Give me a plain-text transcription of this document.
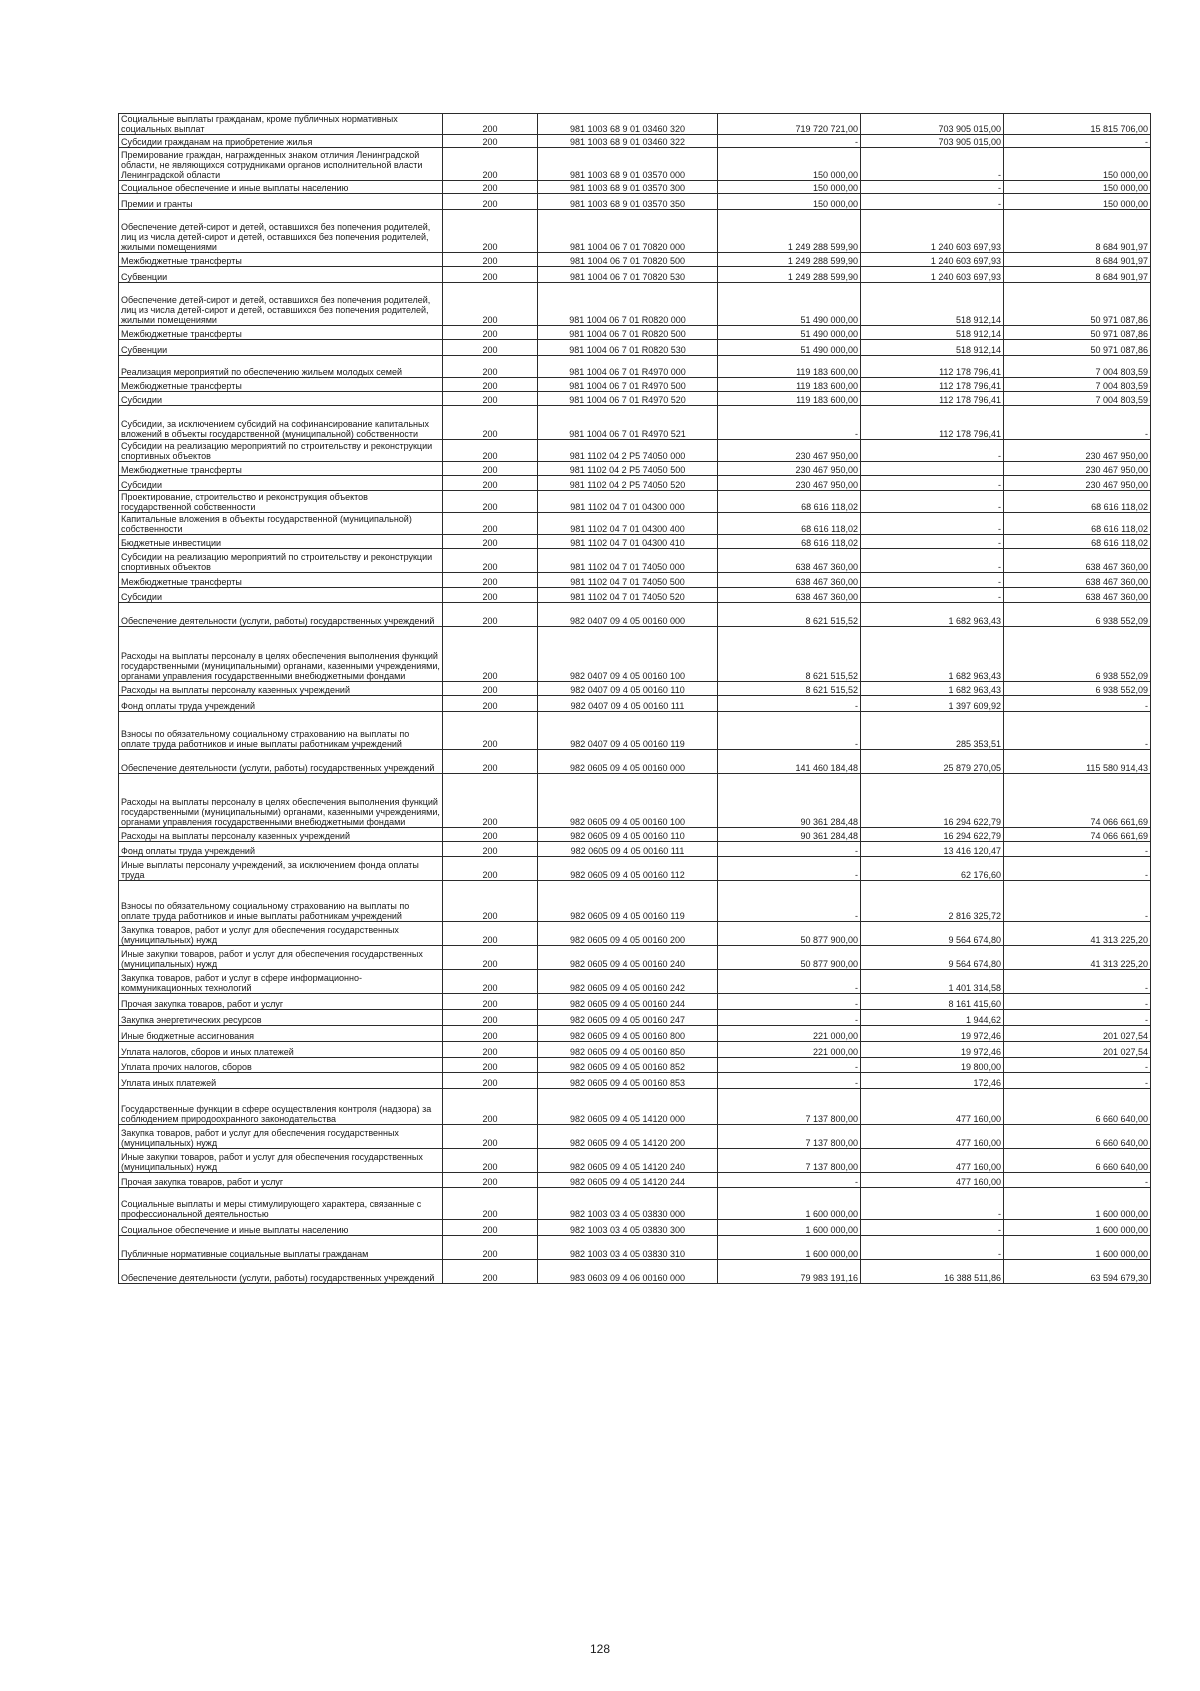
Социальные выплаты гражданам, кроме публичных нормативных социальных выплат	200	981 1003 68 9 01 03460 320	719 720 721,00	703 905 015,00	15 815 706,00
Субсидии гражданам на приобретение жилья	200	981 1003 68 9 01 03460 322	-	703 905 015,00	-
Премирование граждан, награжденных знаком отличия Ленинградской области, не являющихся сотрудниками органов исполнительной власти Ленинградской области	200	981 1003 68 9 01 03570 000	150 000,00	-	150 000,00
Социальное обеспечение и иные выплаты населению	200	981 1003 68 9 01 03570 300	150 000,00	-	150 000,00
Премии и гранты	200	981 1003 68 9 01 03570 350	150 000,00	-	150 000,00
Обеспечение детей-сирот и детей, оставшихся без попечения родителей, лиц из числа детей-сирот и детей, оставшихся без попечения родителей, жилыми помещениями	200	981 1004 06 7 01 70820 000	1 249 288 599,90	1 240 603 697,93	8 684 901,97
Межбюджетные трансферты	200	981 1004 06 7 01 70820 500	1 249 288 599,90	1 240 603 697,93	8 684 901,97
Субвенции	200	981 1004 06 7 01 70820 530	1 249 288 599,90	1 240 603 697,93	8 684 901,97
Обеспечение детей-сирот и детей, оставшихся без попечения родителей, лиц из числа детей-сирот и детей, оставшихся без попечения родителей, жилыми помещениями	200	981 1004 06 7 01 R0820 000	51 490 000,00	518 912,14	50 971 087,86
Межбюджетные трансферты	200	981 1004 06 7 01 R0820 500	51 490 000,00	518 912,14	50 971 087,86
Субвенции	200	981 1004 06 7 01 R0820 530	51 490 000,00	518 912,14	50 971 087,86
Реализация мероприятий по обеспечению жильем молодых семей	200	981 1004 06 7 01 R4970 000	119 183 600,00	112 178 796,41	7 004 803,59
Межбюджетные трансферты	200	981 1004 06 7 01 R4970 500	119 183 600,00	112 178 796,41	7 004 803,59
Субсидии	200	981 1004 06 7 01 R4970 520	119 183 600,00	112 178 796,41	7 004 803,59
Субсидии, за исключением субсидий на софинансирование капитальных вложений в объекты государственной (муниципальной) собственности	200	981 1004 06 7 01 R4970 521	-	112 178 796,41	-
Субсидии на реализацию мероприятий по строительству и реконструкции спортивных объектов	200	981 1102 04 2 P5 74050 000	230 467 950,00	-	230 467 950,00
Межбюджетные трансферты	200	981 1102 04 2 P5 74050 500	230 467 950,00		230 467 950,00
Субсидии	200	981 1102 04 2 P5 74050 520	230 467 950,00	-	230 467 950,00
Проектирование, строительство и реконструкция объектов государственной собственности	200	981 1102 04 7 01 04300 000	68 616 118,02	-	68 616 118,02
Капитальные вложения в объекты государственной (муниципальной) собственности	200	981 1102 04 7 01 04300 400	68 616 118,02	-	68 616 118,02
Бюджетные инвестиции	200	981 1102 04 7 01 04300 410	68 616 118,02	-	68 616 118,02
Субсидии на реализацию мероприятий по строительству и реконструкции спортивных объектов	200	981 1102 04 7 01 74050 000	638 467 360,00	-	638 467 360,00
Межбюджетные трансферты	200	981 1102 04 7 01 74050 500	638 467 360,00	-	638 467 360,00
Субсидии	200	981 1102 04 7 01 74050 520	638 467 360,00	-	638 467 360,00
Обеспечение деятельности (услуги, работы) государственных учреждений	200	982 0407 09 4 05 00160 000	8 621 515,52	1 682 963,43	6 938 552,09
Расходы на выплаты персоналу в целях обеспечения выполнения функций государственными (муниципальными) органами, казенными учреждениями, органами управления государственными внебюджетными фондами	200	982 0407 09 4 05 00160 100	8 621 515,52	1 682 963,43	6 938 552,09
Расходы на выплаты персоналу казенных учреждений	200	982 0407 09 4 05 00160 110	8 621 515,52	1 682 963,43	6 938 552,09
Фонд оплаты труда учреждений	200	982 0407 09 4 05 00160 111	-	1 397 609,92	-
Взносы по обязательному социальному страхованию на выплаты по оплате труда работников и иные выплаты работникам учреждений	200	982 0407 09 4 05 00160 119	-	285 353,51	-
Обеспечение деятельности (услуги, работы) государственных учреждений	200	982 0605 09 4 05 00160 000	141 460 184,48	25 879 270,05	115 580 914,43
Расходы на выплаты персоналу в целях обеспечения выполнения функций государственными (муниципальными) органами, казенными учреждениями, органами управления государственными внебюджетными фондами	200	982 0605 09 4 05 00160 100	90 361 284,48	16 294 622,79	74 066 661,69
Расходы на выплаты персоналу казенных учреждений	200	982 0605 09 4 05 00160 110	90 361 284,48	16 294 622,79	74 066 661,69
Фонд оплаты труда учреждений	200	982 0605 09 4 05 00160 111	-	13 416 120,47	-
Иные выплаты персоналу учреждений, за исключением фонда оплаты труда	200	982 0605 09 4 05 00160 112	-	62 176,60	-
Взносы по обязательному социальному страхованию на выплаты по оплате труда работников и иные выплаты работникам учреждений	200	982 0605 09 4 05 00160 119	-	2 816 325,72	-
Закупка товаров, работ и услуг для обеспечения государственных (муниципальных) нужд	200	982 0605 09 4 05 00160 200	50 877 900,00	9 564 674,80	41 313 225,20
Иные закупки товаров, работ и услуг для обеспечения государственных (муниципальных) нужд	200	982 0605 09 4 05 00160 240	50 877 900,00	9 564 674,80	41 313 225,20
Закупка товаров, работ и услуг в сфере информационно-коммуникационных технологий	200	982 0605 09 4 05 00160 242	-	1 401 314,58	-
Прочая закупка товаров, работ и услуг	200	982 0605 09 4 05 00160 244	-	8 161 415,60	-
Закупка энергетических ресурсов	200	982 0605 09 4 05 00160 247	-	1 944,62	-
Иные бюджетные ассигнования	200	982 0605 09 4 05 00160 800	221 000,00	19 972,46	201 027,54
Уплата налогов, сборов и иных платежей	200	982 0605 09 4 05 00160 850	221 000,00	19 972,46	201 027,54
Уплата прочих налогов, сборов	200	982 0605 09 4 05 00160 852	-	19 800,00	-
Уплата иных платежей	200	982 0605 09 4 05 00160 853	-	172,46	-
Государственные функции в сфере осуществления контроля (надзора) за соблюдением природоохранного законодательства	200	982 0605 09 4 05 14120 000	7 137 800,00	477 160,00	6 660 640,00
Закупка товаров, работ и услуг для обеспечения государственных (муниципальных) нужд	200	982 0605 09 4 05 14120 200	7 137 800,00	477 160,00	6 660 640,00
Иные закупки товаров, работ и услуг для обеспечения государственных (муниципальных) нужд	200	982 0605 09 4 05 14120 240	7 137 800,00	477 160,00	6 660 640,00
Прочая закупка товаров, работ и услуг	200	982 0605 09 4 05 14120 244	-	477 160,00	-
Социальные выплаты и меры стимулирующего характера, связанные с профессиональной деятельностью	200	982 1003 03 4 05 03830 000	1 600 000,00	-	1 600 000,00
Социальное обеспечение и иные выплаты населению	200	982 1003 03 4 05 03830 300	1 600 000,00	-	1 600 000,00
Публичные нормативные социальные выплаты гражданам	200	982 1003 03 4 05 03830 310	1 600 000,00	-	1 600 000,00
Обеспечение деятельности (услуги, работы) государственных учреждений	200	983 0603 09 4 06 00160 000	79 983 191,16	16 388 511,86	63 594 679,30
128
